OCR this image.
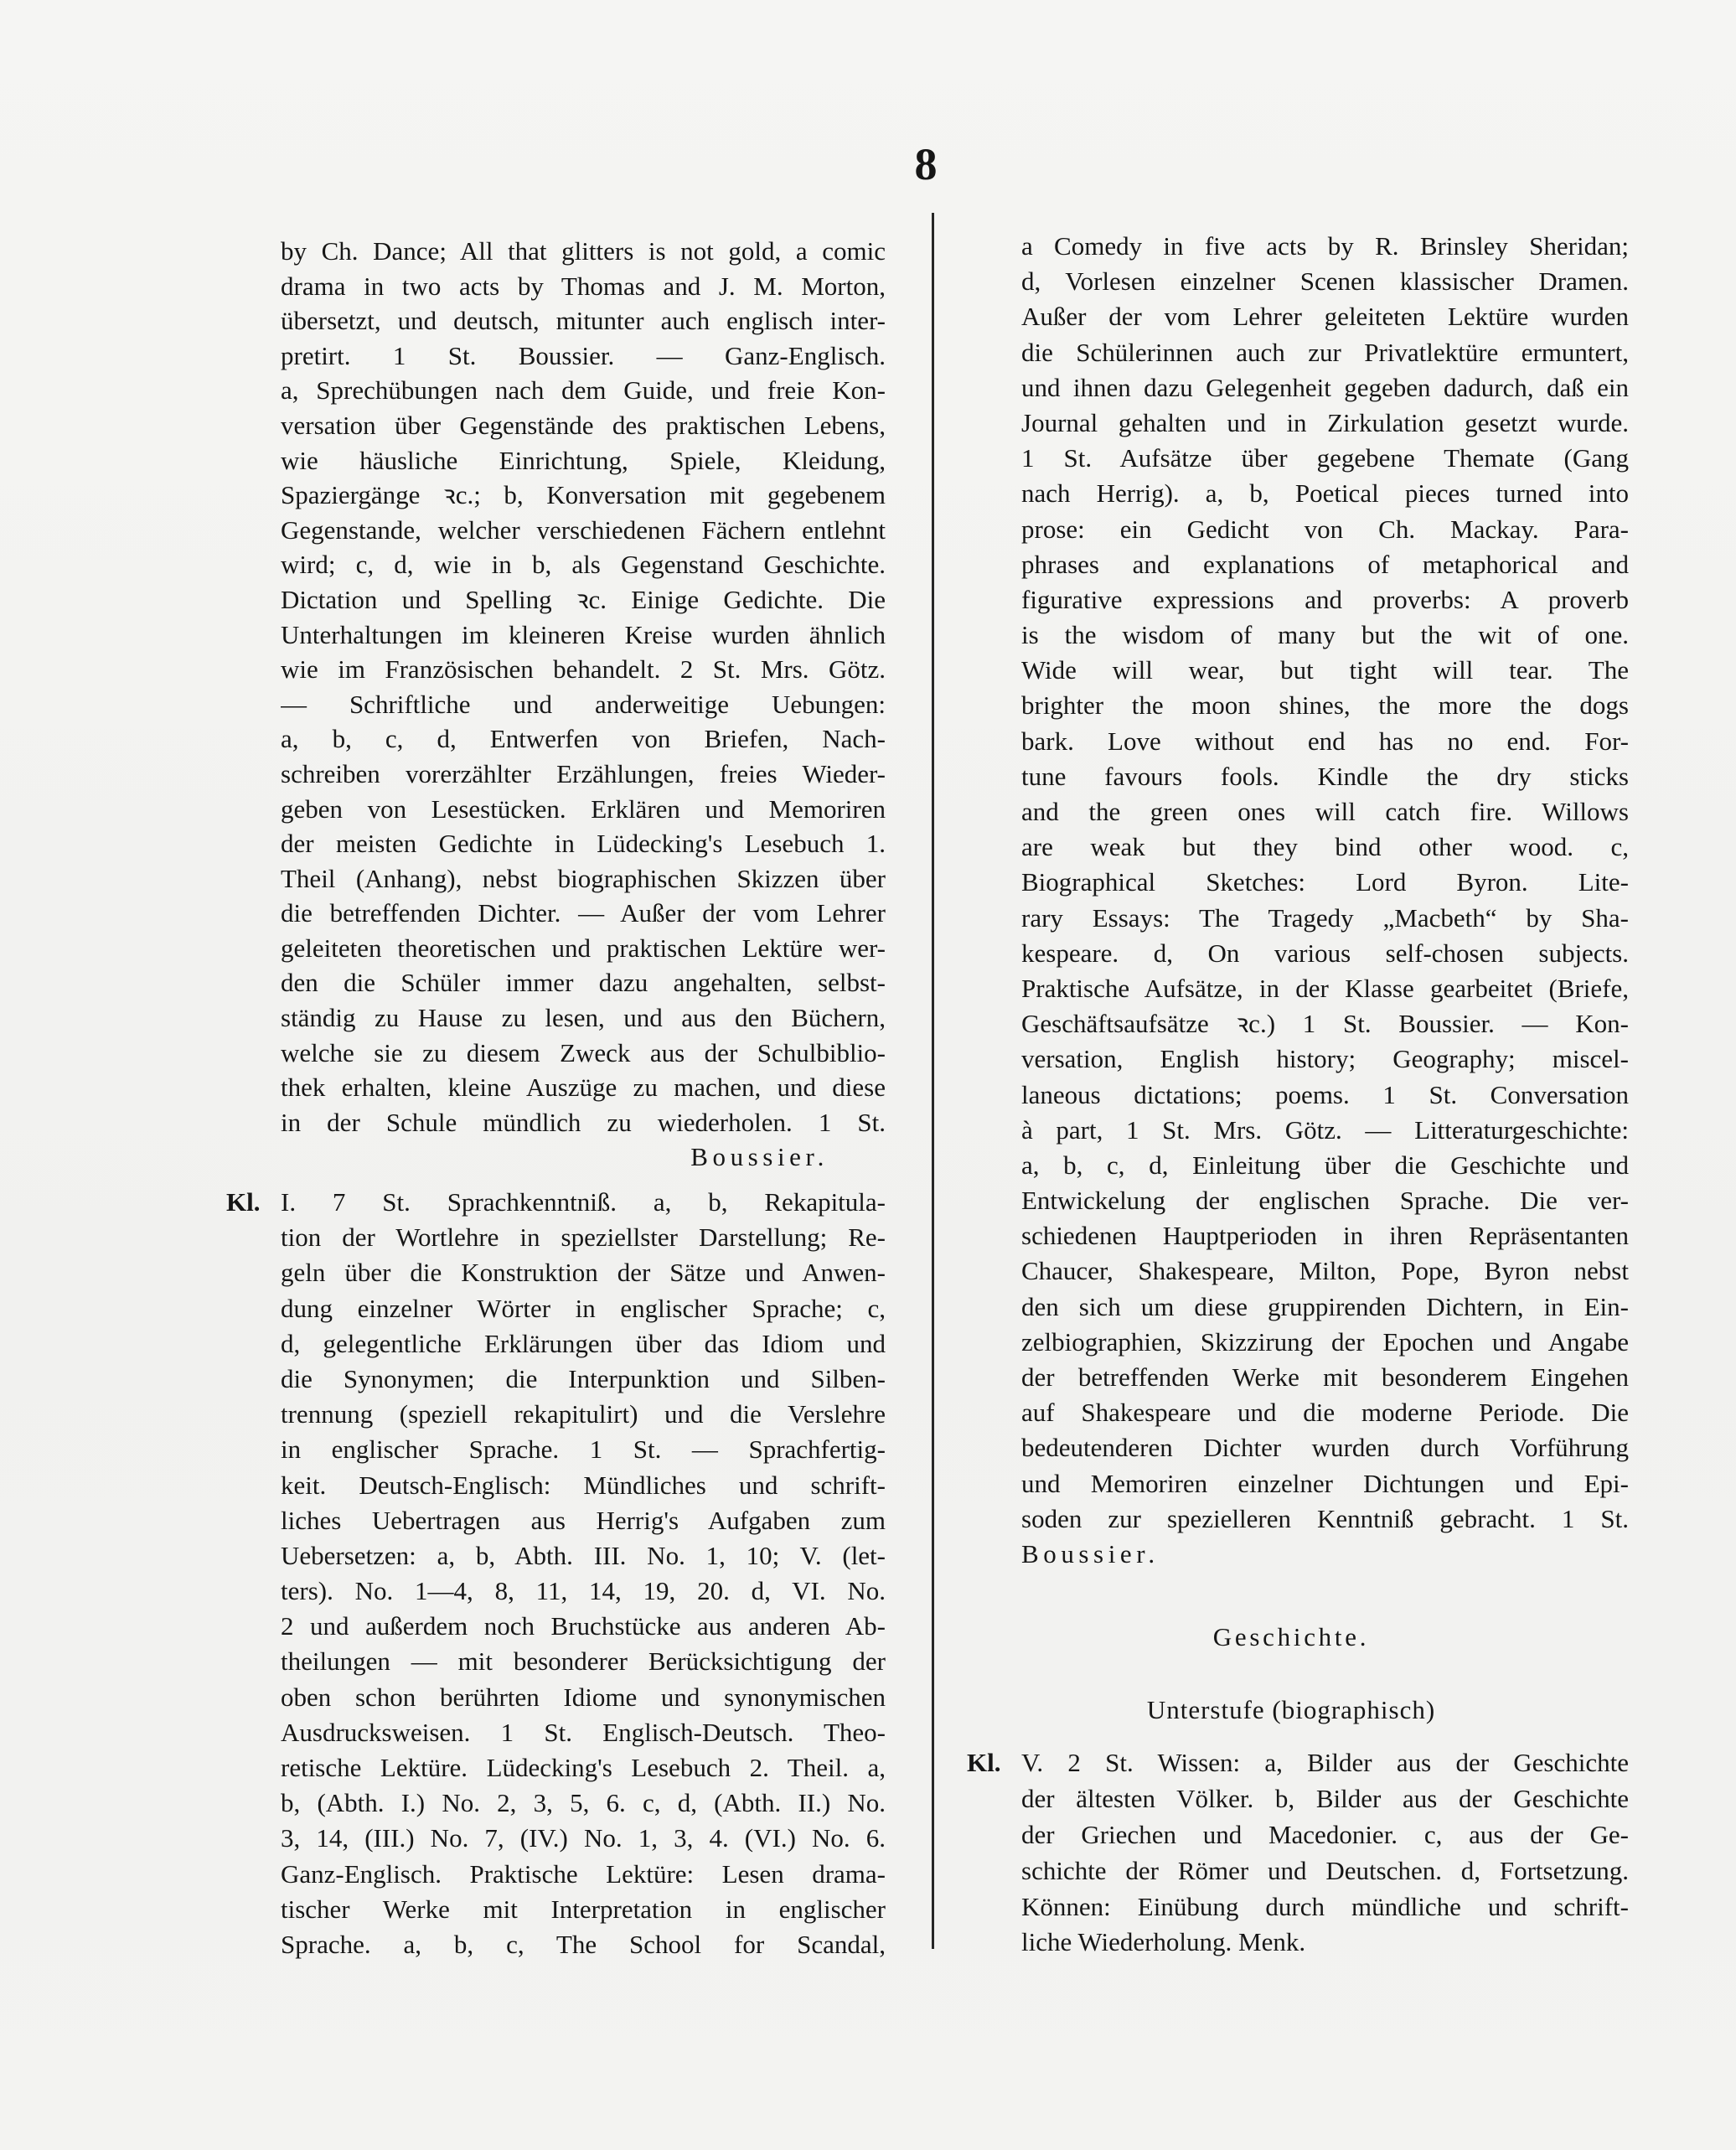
8
by Ch. Dance; All that glitters is not gold, a comic
drama in two acts by Thomas and J. M. Morton,
übersetzt, und deutsch, mitunter auch englisch inter-
pretirt. 1 St. Boussier. — Ganz-Englisch.
a, Sprechübungen nach dem Guide, und freie Kon-
versation über Gegenstände des praktischen Lebens,
wie häusliche Einrichtung, Spiele, Kleidung,
Spaziergänge ꝛc.; b, Konversation mit gegebenem
Gegenstande, welcher verschiedenen Fächern entlehnt
wird; c, d, wie in b, als Gegenstand Geschichte.
Dictation und Spelling ꝛc. Einige Gedichte. Die
Unterhaltungen im kleineren Kreise wurden ähnlich
wie im Französischen behandelt. 2 St. Mrs. Götz.
— Schriftliche und anderweitige Uebungen:
a, b, c, d, Entwerfen von Briefen, Nach-
schreiben vorerzählter Erzählungen, freies Wieder-
geben von Lesestücken. Erklären und Memoriren
der meisten Gedichte in Lüdecking's Lesebuch 1.
Theil (Anhang), nebst biographischen Skizzen über
die betreffenden Dichter. — Außer der vom Lehrer
geleiteten theoretischen und praktischen Lektüre wer-
den die Schüler immer dazu angehalten, selbst-
ständig zu Hause zu lesen, und aus den Büchern,
welche sie zu diesem Zweck aus der Schulbiblio-
thek erhalten, kleine Auszüge zu machen, und diese
in der Schule mündlich zu wiederholen. 1 St.
Boussier.
Kl. I. 7 St. Sprachkenntniß. a, b, Rekapitula-
tion der Wortlehre in speziellster Darstellung; Re-
geln über die Konstruktion der Sätze und Anwen-
dung einzelner Wörter in englischer Sprache; c,
d, gelegentliche Erklärungen über das Idiom und
die Synonymen; die Interpunktion und Silben-
trennung (speziell rekapitulirt) und die Verslehre
in englischer Sprache. 1 St. — Sprachfertig-
keit. Deutsch-Englisch: Mündliches und schrift-
liches Uebertragen aus Herrig's Aufgaben zum
Uebersetzen: a, b, Abth. III. No. 1, 10; V. (let-
ters). No. 1—4, 8, 11, 14, 19, 20. d, VI. No.
2 und außerdem noch Bruchstücke aus anderen Ab-
theilungen — mit besonderer Berücksichtigung der
oben schon berührten Idiome und synonymischen
Ausdrucksweisen. 1 St. Englisch-Deutsch. Theo-
retische Lektüre. Lüdecking's Lesebuch 2. Theil. a,
b, (Abth. I.) No. 2, 3, 5, 6. c, d, (Abth. II.) No.
3, 14, (III.) No. 7, (IV.) No. 1, 3, 4. (VI.) No. 6.
Ganz-Englisch. Praktische Lektüre: Lesen drama-
tischer Werke mit Interpretation in englischer
Sprache. a, b, c, The School for Scandal,
a Comedy in five acts by R. Brinsley Sheridan;
d, Vorlesen einzelner Scenen klassischer Dramen.
Außer der vom Lehrer geleiteten Lektüre wurden
die Schülerinnen auch zur Privatlektüre ermuntert,
und ihnen dazu Gelegenheit gegeben dadurch, daß ein
Journal gehalten und in Zirkulation gesetzt wurde.
1 St. Aufsätze über gegebene Themate (Gang
nach Herrig). a, b, Poetical pieces turned into
prose: ein Gedicht von Ch. Mackay. Para-
phrases and explanations of metaphorical and
figurative expressions and proverbs: A proverb
is the wisdom of many but the wit of one.
Wide will wear, but tight will tear. The
brighter the moon shines, the more the dogs
bark. Love without end has no end. For-
tune favours fools. Kindle the dry sticks
and the green ones will catch fire. Willows
are weak but they bind other wood. c,
Biographical Sketches: Lord Byron. Lite-
rary Essays: The Tragedy „Macbeth“ by Sha-
kespeare. d, On various self-chosen subjects.
Praktische Aufsätze, in der Klasse gearbeitet (Briefe,
Geschäftsaufsätze ꝛc.) 1 St. Boussier. — Kon-
versation, English history; Geography; miscel-
laneous dictations; poems. 1 St. Conversation
à part, 1 St. Mrs. Götz. — Litteraturgeschichte:
a, b, c, d, Einleitung über die Geschichte und
Entwickelung der englischen Sprache. Die ver-
schiedenen Hauptperioden in ihren Repräsentanten
Chaucer, Shakespeare, Milton, Pope, Byron nebst
den sich um diese gruppirenden Dichtern, in Ein-
zelbiographien, Skizzirung der Epochen und Angabe
der betreffenden Werke mit besonderem Eingehen
auf Shakespeare und die moderne Periode. Die
bedeutenderen Dichter wurden durch Vorführung
und Memoriren einzelner Dichtungen und Epi-
soden zur spezielleren Kenntniß gebracht. 1 St.
Boussier.
Geschichte.
Unterstufe (biographisch)
Kl. V. 2 St. Wissen: a, Bilder aus der Geschichte
der ältesten Völker. b, Bilder aus der Geschichte
der Griechen und Macedonier. c, aus der Ge-
schichte der Römer und Deutschen. d, Fortsetzung.
Können: Einübung durch mündliche und schrift-
liche Wiederholung. Menk.
